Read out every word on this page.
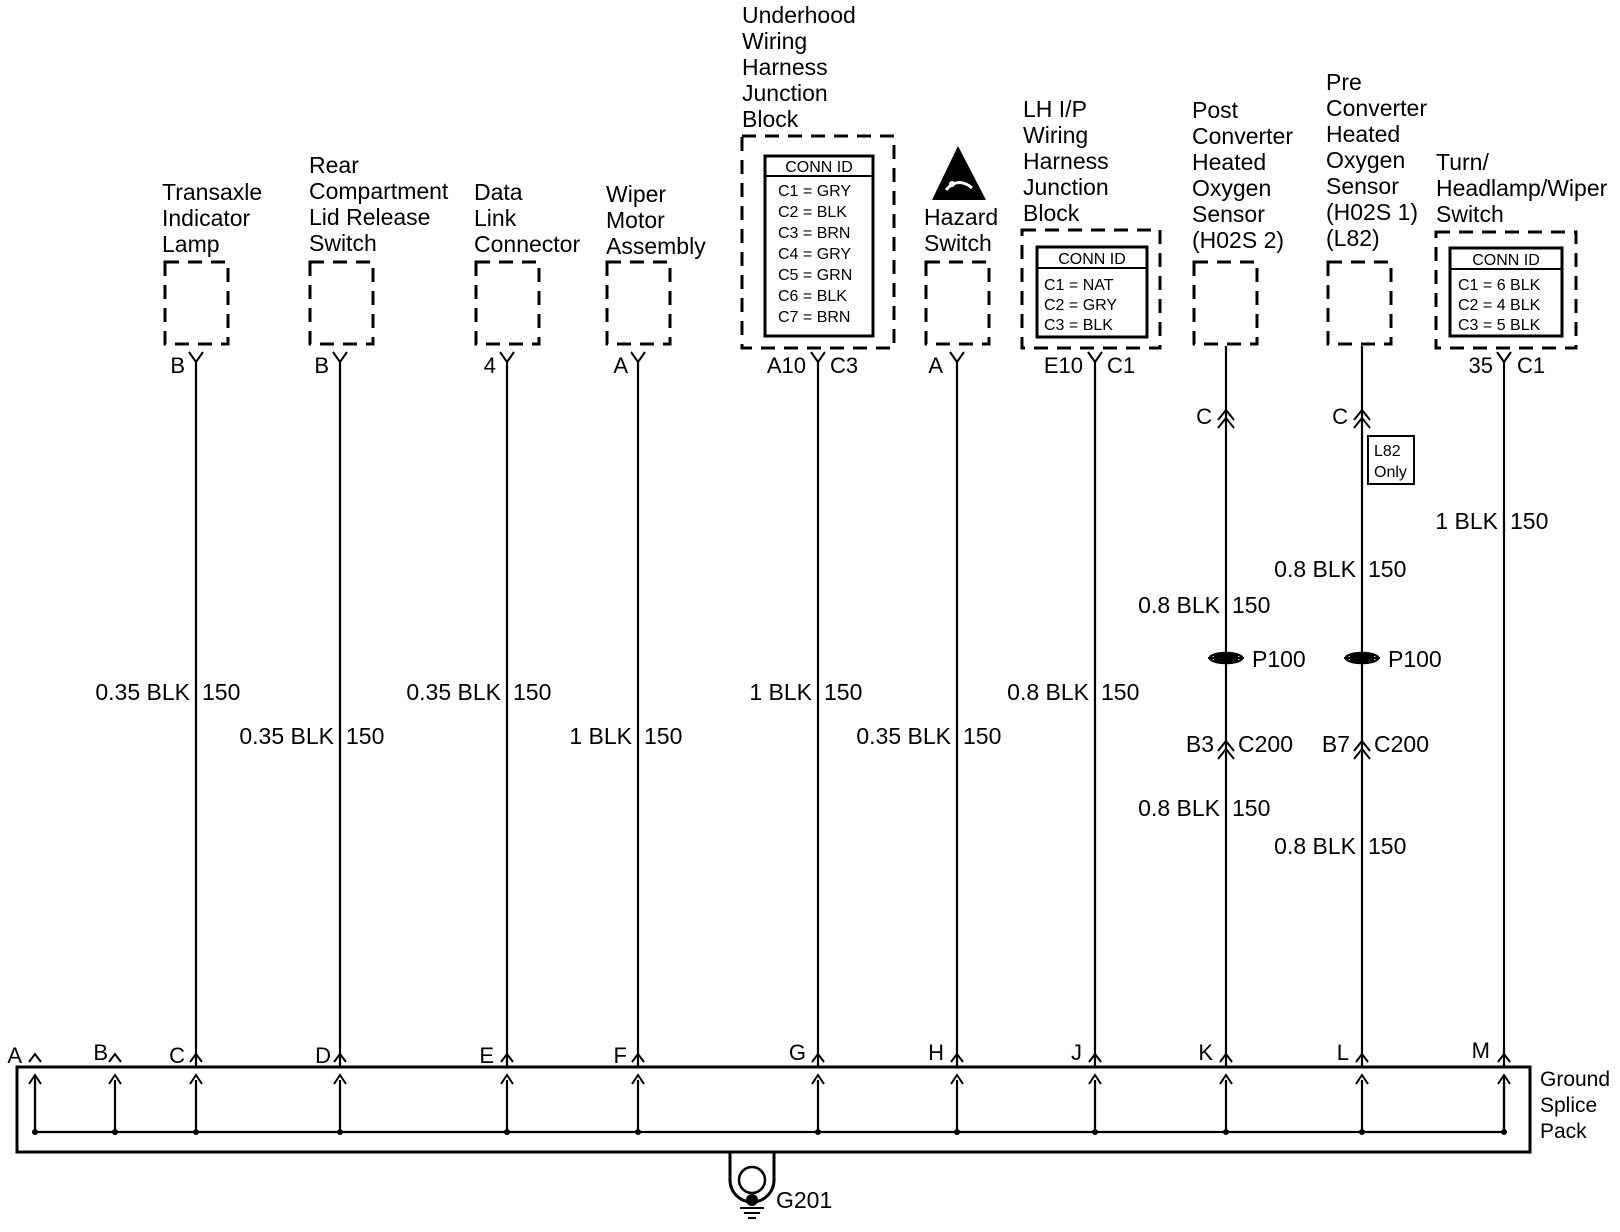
Transaxle
Indicator
Lamp
Rear
Compartment
Lid Release
Switch
Data
Link
Connector
Wiper
Motor
Assembly
Underhood
Wiring
Harness
Junction
Block
Hazard
Switch
LH I/P
Wiring
Harness
Junction
Block
Post
Converter
Heated
Oxygen
Sensor
(H02S 2)
Pre
Converter
Heated
Oxygen
Sensor
(H02S 1)
(L82)
Turn/
Headlamp/Wiper
Switch
CONN ID
C1 = GRY
C2 = BLK
C3 = BRN
C4 = GRY
C5 = GRN
C6 = BLK
C7 = BRN
CONN ID
C1 = NAT
C2 = GRY
C3 = BLK
CONN ID
C1 = 6 BLK
C2 = 4 BLK
C3 = 5 BLK
B	B	4	A	A10 C3	A	E10 C1	35 C1
0.35 BLK 150
0.35 BLK 150
0.35 BLK 150
1 BLK 150
1 BLK 150
0.35 BLK 150
0.8 BLK 150
0.8 BLK 150
0.8 BLK 150
0.8 BLK 150
0.8 BLK 150
1 BLK 150
C	C
L82
Only
P100	P100
B3 C200 B7 C200
Ground
Splice
Pack
A	B	C	D	E	F	G	H	J	K	L	M
G201
